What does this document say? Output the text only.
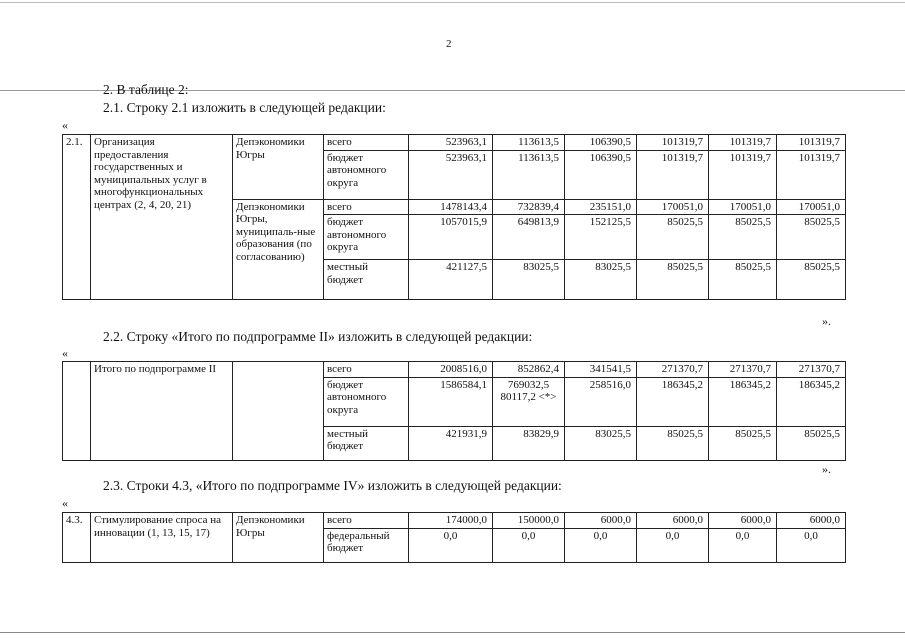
2
2. В таблице 2:
2.1. Строку 2.1 изложить в следующей редакции:
«
2.1.	Организация предоставления государственных и муниципальных услуг в многофункциональных центрах (2, 4, 20, 21)	Депэкономики Югры	всего	523963,1	113613,5	106390,5	101319,7	101319,7	101319,7
			бюджет автономного округа	523963,1	113613,5	106390,5	101319,7	101319,7	101319,7
		Депэкономики Югры, муниципаль-ные образования (по согласованию)	всего	1478143,4	732839,4	235151,0	170051,0	170051,0	170051,0
			бюджет автономного округа	1057015,9	649813,9	152125,5	85025,5	85025,5	85025,5
			местный бюджет	421127,5	83025,5	83025,5	85025,5	85025,5	85025,5
».
2.2. Строку «Итого по подпрограмме II» изложить в следующей редакции:
«
	Итого по подпрограмме II		всего	2008516,0	852862,4	341541,5	271370,7	271370,7	271370,7
			бюджет автономного округа	1586584,1	769032,5 80117,2 <*>	258516,0	186345,2	186345,2	186345,2
			местный бюджет	421931,9	83829,9	83025,5	85025,5	85025,5	85025,5
».
2.3. Строки 4.3, «Итого по подпрограмме IV» изложить в следующей редакции:
«
4.3.	Стимулирование спроса на инновации (1, 13, 15, 17)	Депэкономики Югры	всего	174000,0	150000,0	6000,0	6000,0	6000,0	6000,0
			федеральный бюджет	0,0	0,0	0,0	0,0	0,0	0,0
